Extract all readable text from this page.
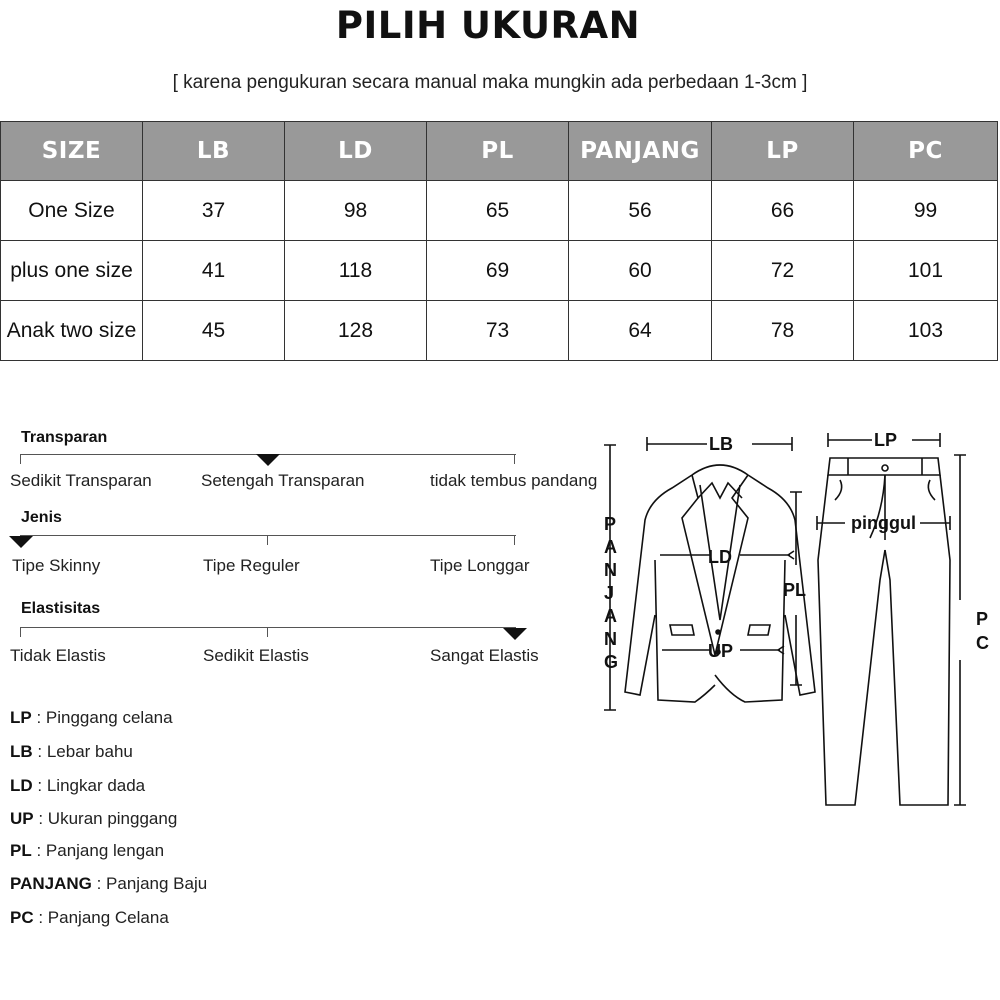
PILIH UKURAN
[ karena pengukuran secara manual maka mungkin ada perbedaan 1-3cm ]
SIZE	LB	LD	PL	PANJANG	LP	PC
One Size	37	98	65	56	66	99
plus one size	41	118	69	60	72	101
Anak two size	45	128	73	64	78	103
Transparan
Sedikit Transparan	Setengah Transparan	tidak tembus pandang
Jenis
Tipe Skinny	Tipe Reguler	Tipe Longgar
Elastisitas
Tidak Elastis	Sedikit Elastis	Sangat Elastis
LP : Pinggang celana
LB : Lebar bahu
LD : Lingkar dada
UP : Ukuran pinggang
PL : Panjang lengan
PANJANG : Panjang Baju
PC : Panjang Celana
LB	LP
LD
UP
PL
pinggul
P
A
N
J
A
N
G
P
C
